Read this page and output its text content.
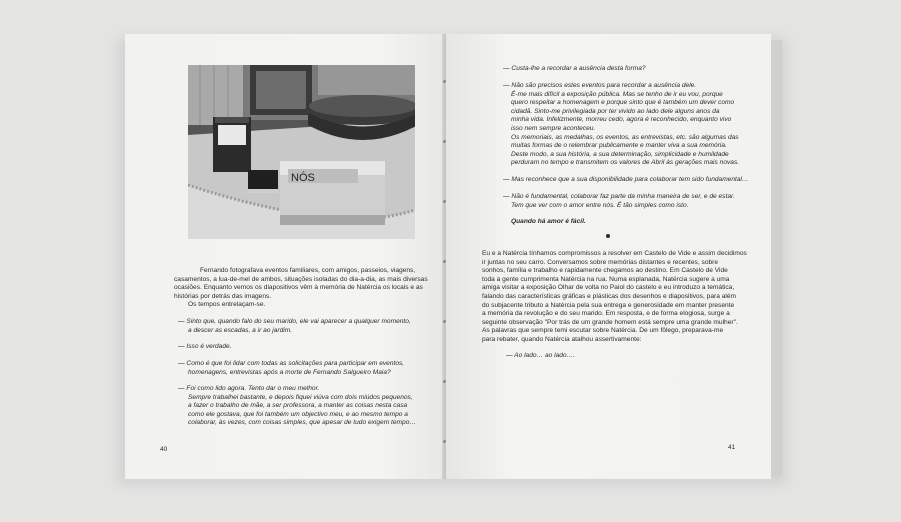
NÓS

Fernando fotografava eventos familiares, com amigos, passeios, viagens,

casamentos, a lua-de-mel de ambos, situações isoladas do dia-a-dia, as mais diversas

ocasiões. Enquanto vemos os diapositivos vêm à memória de Natércia os locais e as

histórias por detrás das imagens.

Os tempos entrelaçam-se.

— Sinto que, quando falo do seu marido, ele vai aparecer a qualquer momento,

a descer as escadas, a ir ao jardim.

— Isso é verdade.

— Como é que foi lidar com todas as solicitações para participar em eventos,

homenagens, entrevistas após a morte de Fernando Salgueiro Maia?

— Foi como lido agora. Tento dar o meu melhor.

Sempre trabalhei bastante, e depois fiquei viúva com dois miúdos pequenos,

a fazer o trabalho de mãe, a ser professora, a manter as coisas nesta casa

como ele gostava, que foi também um objectivo meu, e ao mesmo tempo a

colaborar, às vezes, com coisas simples, que apesar de tudo exigem tempo…

40

— Custa-lhe a recordar a ausência desta forma?

— Não são precisos estes eventos para recordar a ausência dele.

É-me mais difícil a exposição pública. Mas se tenho de ir eu vou, porque

quero respeitar a homenagem e porque sinto que é também um dever como

cidadã. Sinto-me privilegiada por ter vivido ao lado dele alguns anos da

minha vida. Infelizmente, morreu cedo, agora é reconhecido, enquanto vivo

isso nem sempre aconteceu.

Os memoriais, as medalhas, os eventos, as entrevistas, etc. são algumas das

muitas formas de o relembrar publicamente e manter viva a sua memória.

Deste modo, a sua história, a sua determinação, simplicidade e humildade

perduram no tempo e transmitem os valores de Abril às gerações mais novas.

— Mas reconhece que a sua disponibilidade para colaborar tem sido fundamental…

— Não é fundamental, colaborar faz parte da minha maneira de ser, e de estar.

Tem que ver com o amor entre nós. É tão simples como isto.

Quando há amor é fácil.

Eu e a Natércia tínhamos compromissos a resolver em Castelo de Vide e assim decidimos

ir juntas no seu carro. Conversamos sobre memórias distantes e recentes, sobre

sonhos, família e trabalho e rapidamente chegamos ao destino. Em Castelo de Vide

toda a gente cumprimenta Natércia na rua. Numa esplanada, Natércia sugere a uma

amiga visitar a exposição Olhar de volta no Paiol do castelo e eu introduzo a temática,

falando das características gráficas e plásticas dos desenhos e diapositivos, para além

do subjacente tributo a Natércia pela sua entrega e generosidade em manter presente

a memória da revolução e do seu marido. Em resposta, e de forma elogiosa, surge a

seguinte observação "Por trás de um grande homem está sempre uma grande mulher".

As palavras que sempre temi escutar sobre Natércia. De um fôlego, preparava-me

para rebater, quando Natércia atalhou assertivamente:

— Ao lado… ao lado….

41
